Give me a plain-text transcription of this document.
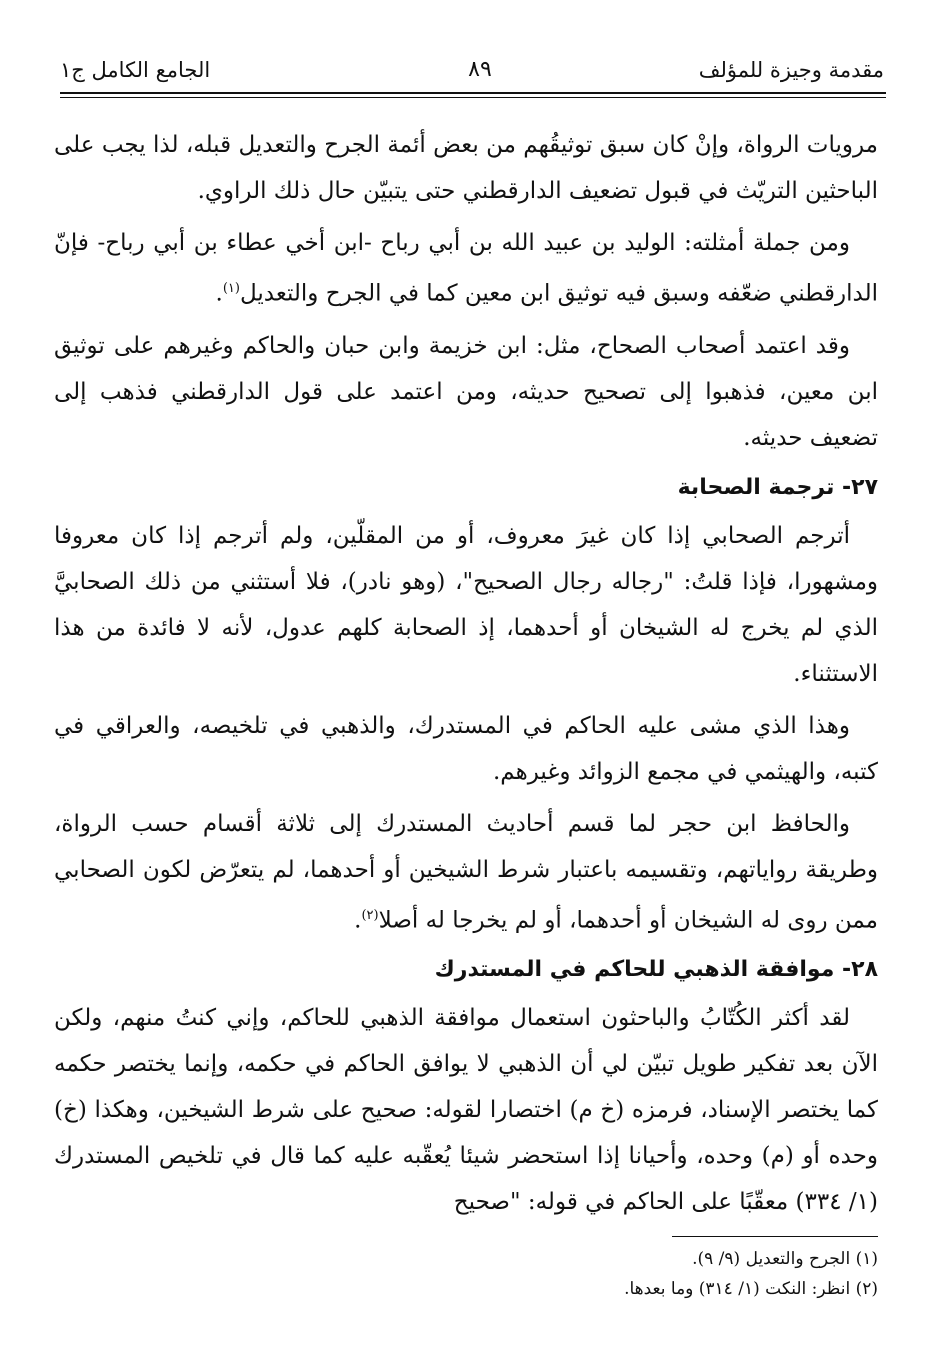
مقدمة وجيزة للمؤلف
٨٩
الجامع الكامل ج١

مرويات الرواة، وإنْ كان سبق توثيقُهم من بعض أئمة الجرح والتعديل قبله، لذا يجب على الباحثين التريّث في قبول تضعيف الدارقطني حتى يتبيّن حال ذلك الراوي.

ومن جملة أمثلته: الوليد بن عبيد الله بن أبي رباح -ابن أخي عطاء بن أبي رباح- فإنّ الدارقطني ضعّفه وسبق فيه توثيق ابن معين كما في الجرح والتعديل$^{(١)}$.

وقد اعتمد أصحاب الصحاح، مثل: ابن خزيمة وابن حبان والحاكم وغيرهم على توثيق ابن معين، فذهبوا إلى تصحيح حديثه، ومن اعتمد على قول الدارقطني فذهب إلى تضعيف حديثه.

٢٧- ترجمة الصحابة

أترجم الصحابي إذا كان غيرَ معروف، أو من المقلّين، ولم أترجم إذا كان معروفا ومشهورا، فإذا قلتُ: "رجاله رجال الصحيح"، (وهو نادر)، فلا أستثني من ذلك الصحابيَّ الذي لم يخرج له الشيخان أو أحدهما، إذ الصحابة كلهم عدول، لأنه لا فائدة من هذا الاستثناء.

وهذا الذي مشى عليه الحاكم في المستدرك، والذهبي في تلخيصه، والعراقي في كتبه، والهيثمي في مجمع الزوائد وغيرهم.

والحافظ ابن حجر لما قسم أحاديث المستدرك إلى ثلاثة أقسام حسب الرواة، وطريقة رواياتهم، وتقسيمه باعتبار شرط الشيخين أو أحدهما، لم يتعرّض لكون الصحابي ممن روى له الشيخان أو أحدهما، أو لم يخرجا له أصلا$^{(٢)}$.

٢٨- موافقة الذهبي للحاكم في المستدرك

لقد أكثر الكُتّابُ والباحثون استعمال موافقة الذهبي للحاكم، وإني كنتُ منهم، ولكن الآن بعد تفكير طويل تبيّن لي أن الذهبي لا يوافق الحاكم في حكمه، وإنما يختصر حكمه كما يختصر الإسناد، فرمزه (خ م) اختصارا لقوله: صحيح على شرط الشيخين، وهكذا (خ) وحده أو (م) وحده، وأحيانا إذا استحضر شيئا يُعقّبه عليه كما قال في تلخيص المستدرك (١/ ٣٣٤) معقّبًا على الحاكم في قوله: "صحيح

(١) الجرح والتعديل (٩/ ٩).
(٢) انظر: النكت (١/ ٣١٤) وما بعدها.
